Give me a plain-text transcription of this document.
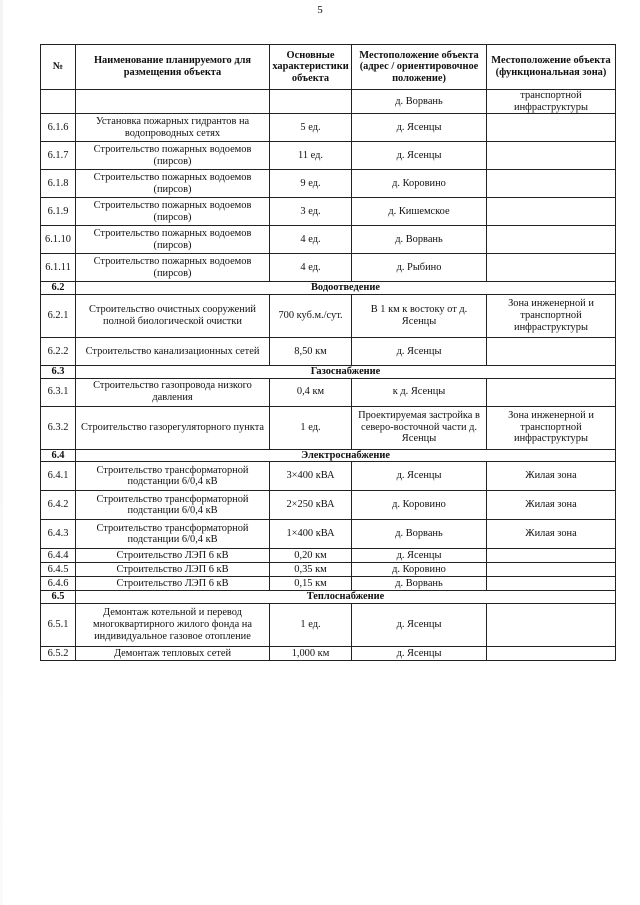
5
№	Наименование планируемого для размещения объекта	Основные характеристики объекта	Местоположение объекта (адрес / ориентировочное положение)	Местоположение объекта (функциональная зона)
			д. Ворвань	транспортной инфраструктуры
6.1.6	Установка пожарных гидрантов на водопроводных сетях	5 ед.	д. Ясенцы	
6.1.7	Строительство пожарных водоемов (пирсов)	11 ед.	д. Ясенцы	
6.1.8	Строительство пожарных водоемов (пирсов)	9 ед.	д. Коровино	
6.1.9	Строительство пожарных водоемов (пирсов)	3 ед.	д. Кишемское	
6.1.10	Строительство пожарных водоемов (пирсов)	4 ед.	д. Ворвань	
6.1.11	Строительство пожарных водоемов (пирсов)	4 ед.	д. Рыбино	
6.2	Водоотведение			
6.2.1	Строительство очистных сооружений полной биологической очистки	700 куб.м./сут.	В 1 км к востоку от д. Ясенцы	Зона инженерной и транспортной инфраструктуры
6.2.2	Строительство канализационных сетей	8,50 км	д. Ясенцы	
6.3	Газоснабжение			
6.3.1	Строительство газопровода низкого давления	0,4 км	к д. Ясенцы	
6.3.2	Строительство газорегуляторного пункта	1 ед.	Проектируемая застройка в северо-восточной части д. Ясенцы	Зона инженерной и транспортной инфраструктуры
6.4	Электроснабжение			
6.4.1	Строительство трансформаторной подстанции 6/0,4 кВ	3×400 кВА	д. Ясенцы	Жилая зона
6.4.2	Строительство трансформаторной подстанции 6/0,4 кВ	2×250 кВА	д. Коровино	Жилая зона
6.4.3	Строительство трансформаторной подстанции 6/0,4 кВ	1×400 кВА	д. Ворвань	Жилая зона
6.4.4	Строительство ЛЭП 6 кВ	0,20 км	д. Ясенцы	
6.4.5	Строительство ЛЭП 6 кВ	0,35 км	д. Коровино	
6.4.6	Строительство ЛЭП 6 кВ	0,15 км	д. Ворвань	
6.5	Теплоснабжение			
6.5.1	Демонтаж котельной и перевод многоквартирного жилого фонда на индивидуальное газовое отопление	1 ед.	д. Ясенцы	
6.5.2	Демонтаж тепловых сетей	1,000 км	д. Ясенцы	
